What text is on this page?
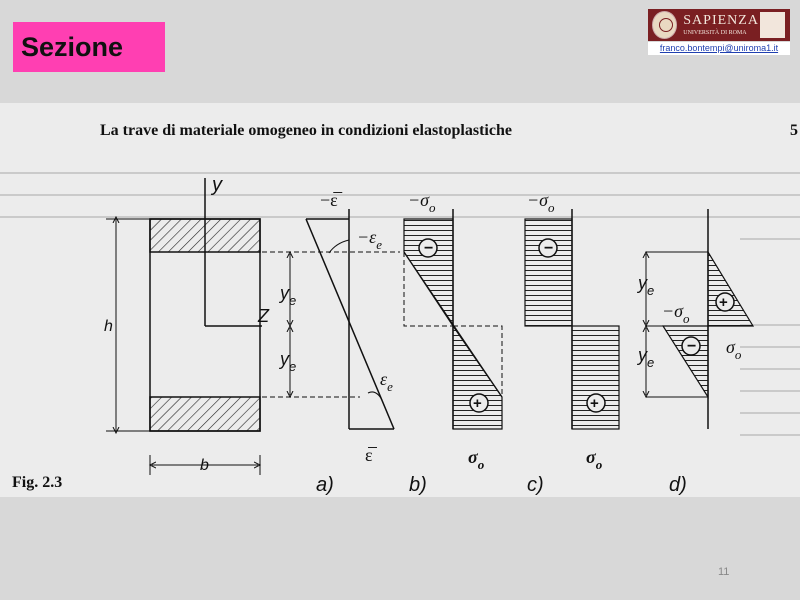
Sezione
SAPIENZA
UNIVERSITÀ DI ROMA
franco.bontempi@uniroma1.it
La trave di materiale omogeneo in condizioni elastoplastiche	5
y
Z
h
b
$y_e$
$y_e$
−ε̅
$-\varepsilon_e$
$\varepsilon_e$
ε̅
−
+
$-\sigma_o$
$\sigma_o$
−
+
$-\sigma_o$
$\sigma_o$
+
−
$y_e$
$y_e$
$-\sigma_o$
$\sigma_o$
Fig. 2.3	a)	b)	c)	d)
11
